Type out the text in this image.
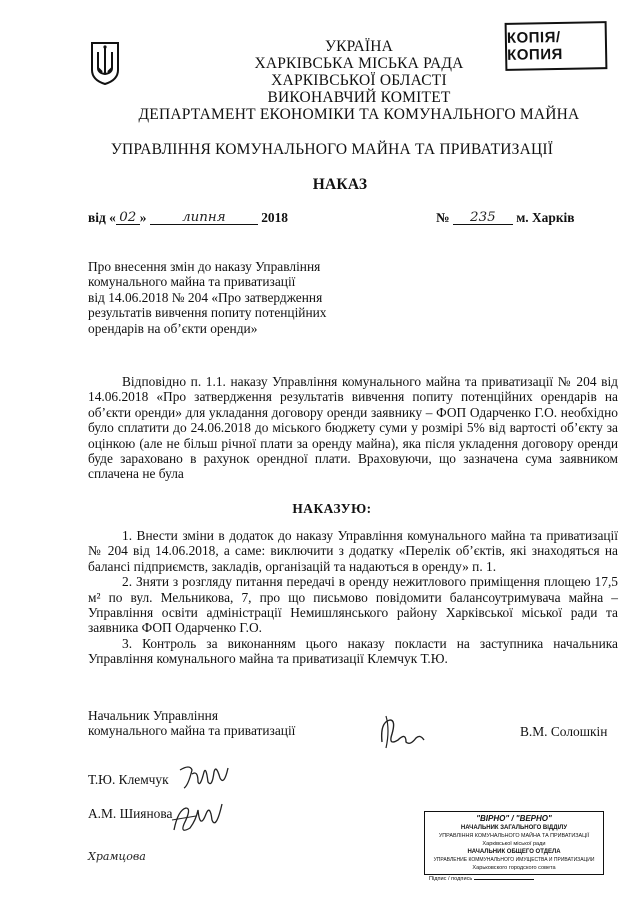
УКРАЇНА
ХАРКІВСЬКА МІСЬКА РАДА
ХАРКІВСЬКОЇ ОБЛАСТІ
ВИКОНАВЧИЙ КОМІТЕТ
ДЕПАРТАМЕНТ ЕКОНОМІКИ ТА КОМУНАЛЬНОГО МАЙНА
УПРАВЛІННЯ КОМУНАЛЬНОГО МАЙНА ТА ПРИВАТИЗАЦІЇ
КОПІЯ/КОПИЯ
НАКАЗ
від « 02 »	липня	2018	№ 235 м. Харків
Про внесення змін до наказу Управління
комунального майна та приватизації
від 14.06.2018 № 204 «Про затвердження
результатів вивчення попиту потенційних
орендарів на об’єкти оренди»
Відповідно п. 1.1. наказу Управління комунального майна та приватизації № 204 від 14.06.2018 «Про затвердження результатів вивчення попиту потенційних орендарів на об’єкти оренди» для укладання договору оренди заявнику – ФОП Одарченко Г.О. необхідно було сплатити до 24.06.2018 до міського бюджету суми у розмірі 5% від вартості об’єкту за оцінкою (але не більш річної плати за оренду майна), яка після укладення договору оренди буде зараховано в рахунок орендної плати. Враховуючи, що зазначена сума заявником сплачена не була
НАКАЗУЮ:
1. Внести зміни в додаток до наказу Управління комунального майна та приватизації № 204 від 14.06.2018, а саме: виключити з додатку «Перелік об’єктів, які знаходяться на балансі підприємств, закладів, організацій та надаються в оренду» п. 1.
2. Зняти з розгляду питання передачі в оренду нежитлового приміщення площею 17,5 м² по вул. Мельникова, 7, про що письмово повідомити балансоутримувача майна – Управління освіти адміністрації Немишлянського району Харківської міської ради та заявника ФОП Одарченко Г.О.
3. Контроль за виконанням цього наказу покласти на заступника начальника Управління комунального майна та приватизації Клемчук Т.Ю.
Начальник Управління
комунального майна та приватизації	В.М. Солошкін
Т.Ю. Клемчук
А.М. Шиянова
Храмцова
"ВІРНО" / "ВЕРНО"
НАЧАЛЬНИК ЗАГАЛЬНОГО ВІДДІЛУ
УПРАВЛІННЯ КОМУНАЛЬНОГО МАЙНА ТА ПРИВАТИЗАЦІЇ
Харківської міської ради
НАЧАЛЬНИК ОБЩЕГО ОТДЕЛА
УПРАВЛЕНИЕ КОММУНАЛЬНОГО ИМУЩЕСТВА И ПРИВАТИЗАЦИИ
Харьковского городского совета
Підпис / подпись
